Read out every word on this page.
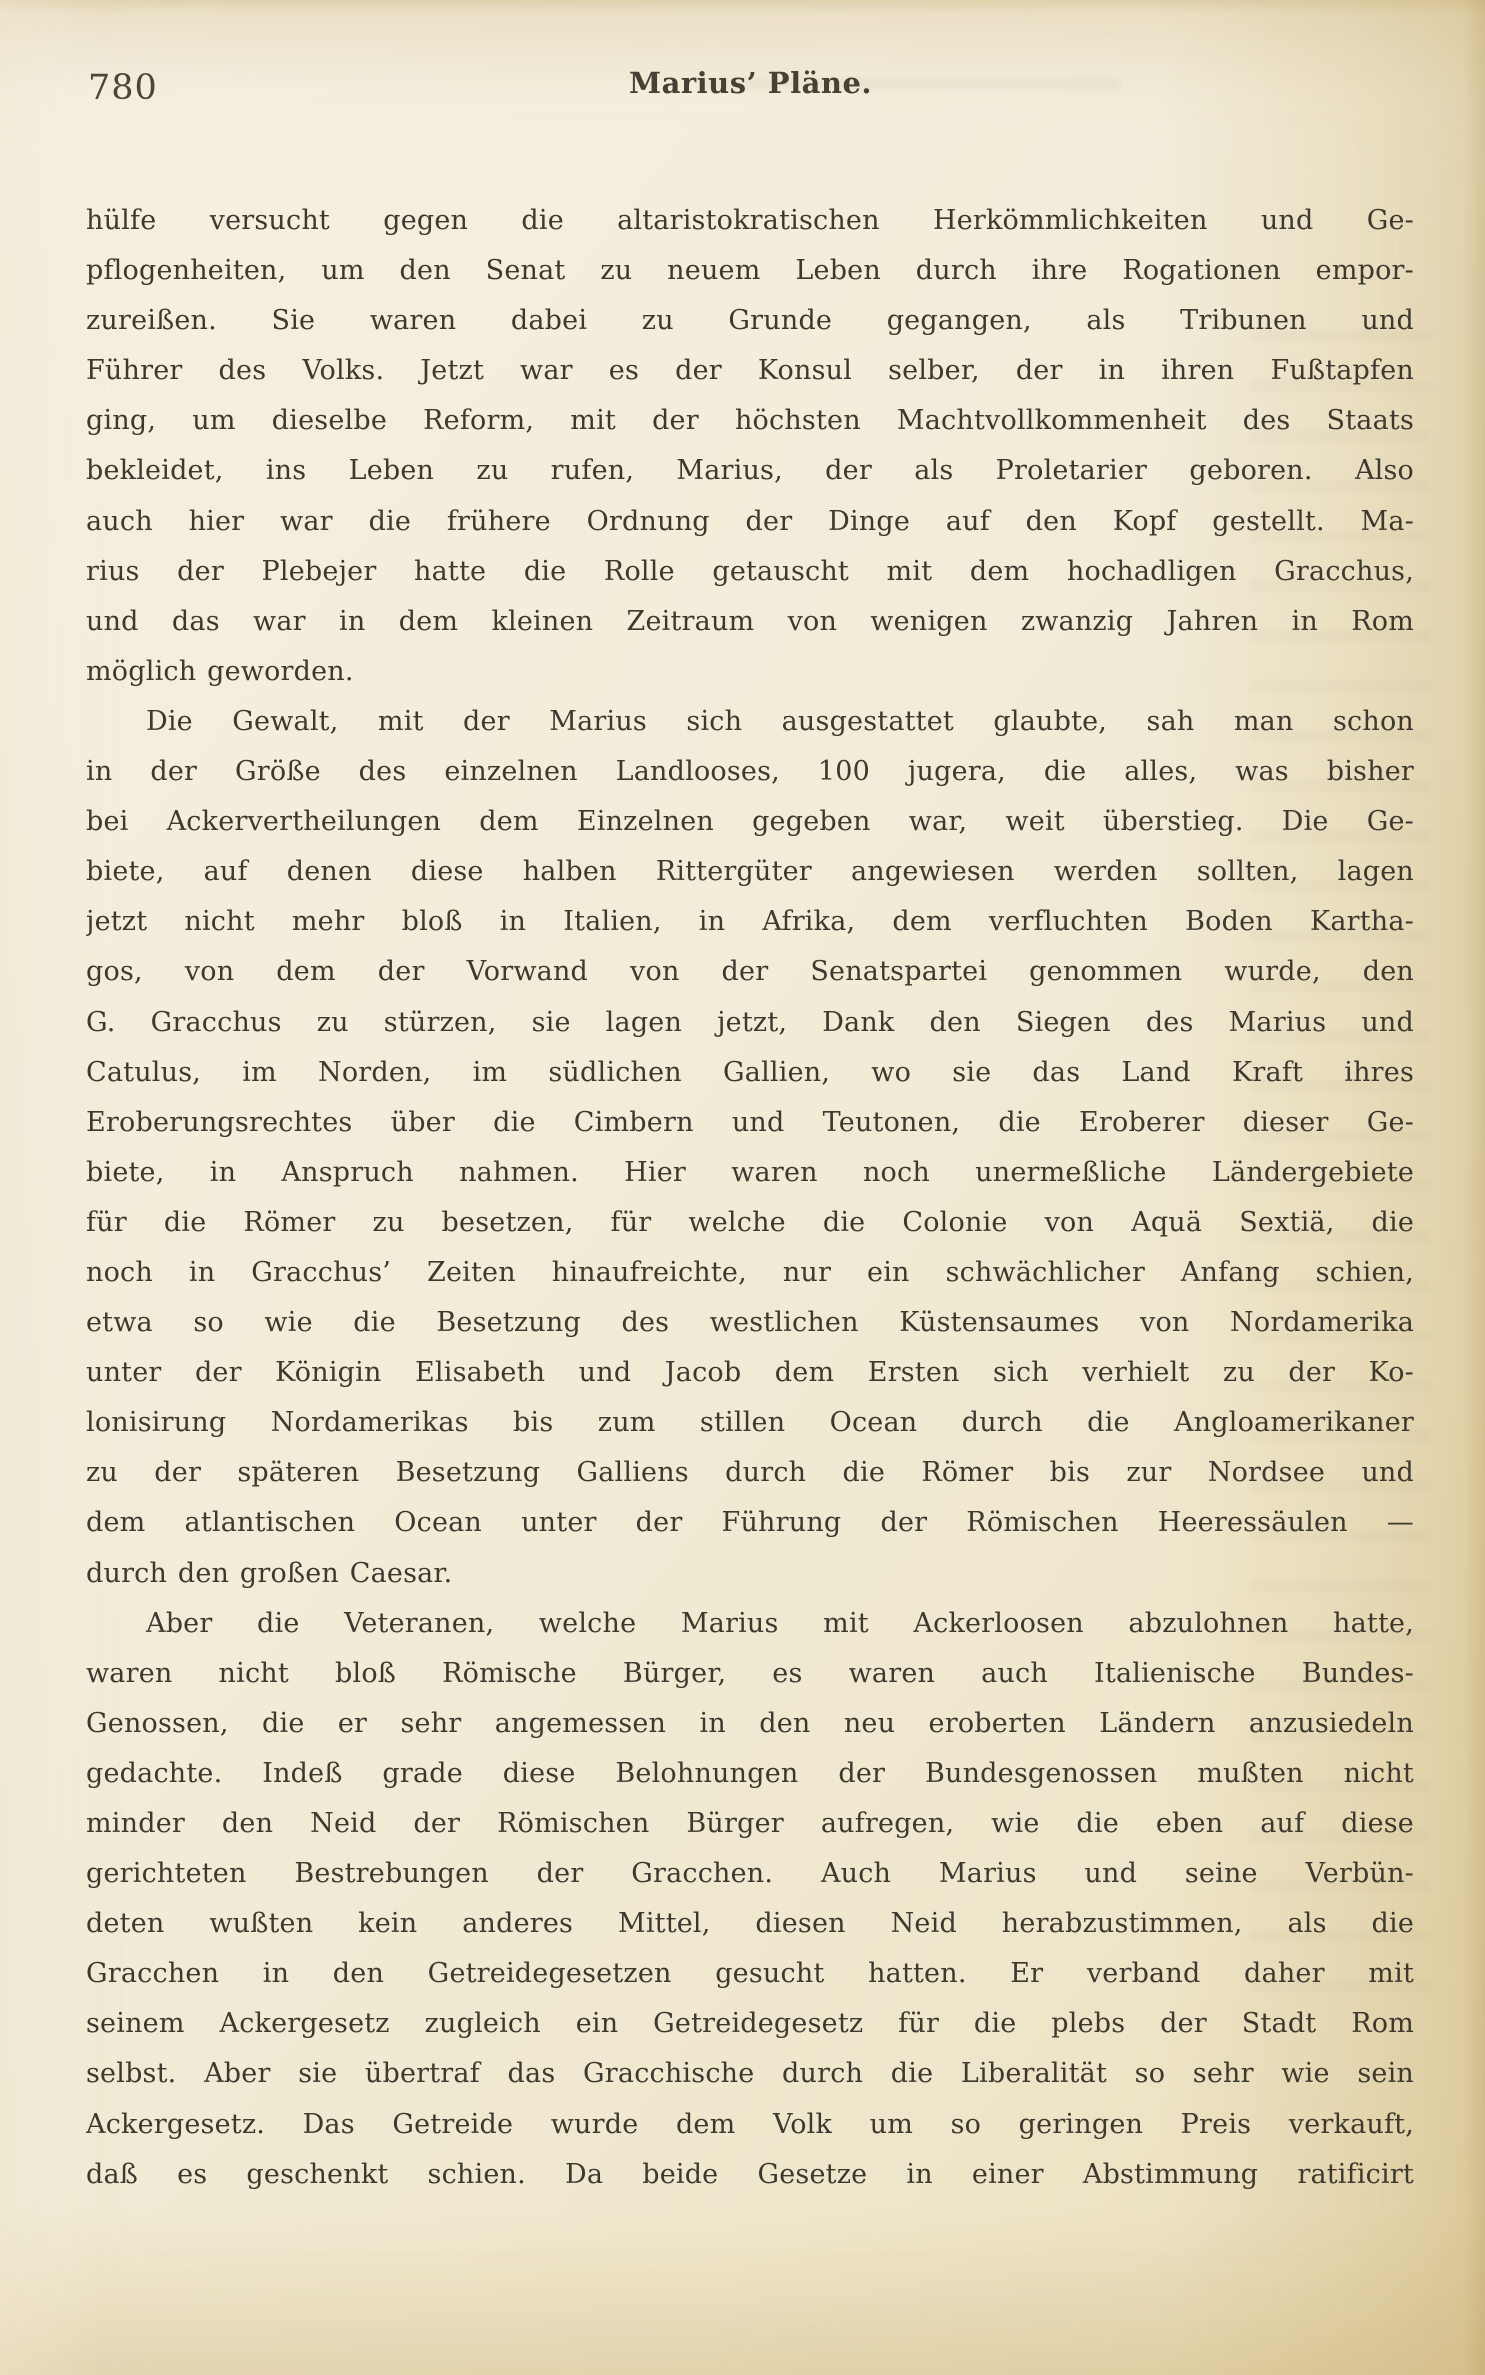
780	Marius’ Pläne.
hülfe versucht gegen die altaristokratischen Herkömmlichkeiten und Ge-
pflogenheiten, um den Senat zu neuem Leben durch ihre Rogationen empor-
zureißen. Sie waren dabei zu Grunde gegangen, als Tribunen und
Führer des Volks. Jetzt war es der Konsul selber, der in ihren Fußtapfen
ging, um dieselbe Reform, mit der höchsten Machtvollkommenheit des Staats
bekleidet, ins Leben zu rufen, Marius, der als Proletarier geboren. Also
auch hier war die frühere Ordnung der Dinge auf den Kopf gestellt. Ma-
rius der Plebejer hatte die Rolle getauscht mit dem hochadligen Gracchus,
und das war in dem kleinen Zeitraum von wenigen zwanzig Jahren in Rom
möglich geworden.
Die Gewalt, mit der Marius sich ausgestattet glaubte, sah man schon
in der Größe des einzelnen Landlooses, 100 jugera, die alles, was bisher
bei Ackervertheilungen dem Einzelnen gegeben war, weit überstieg. Die Ge-
biete, auf denen diese halben Rittergüter angewiesen werden sollten, lagen
jetzt nicht mehr bloß in Italien, in Afrika, dem verfluchten Boden Kartha-
gos, von dem der Vorwand von der Senatspartei genommen wurde, den
G. Gracchus zu stürzen, sie lagen jetzt, Dank den Siegen des Marius und
Catulus, im Norden, im südlichen Gallien, wo sie das Land Kraft ihres
Eroberungsrechtes über die Cimbern und Teutonen, die Eroberer dieser Ge-
biete, in Anspruch nahmen. Hier waren noch unermeßliche Ländergebiete
für die Römer zu besetzen, für welche die Colonie von Aquä Sextiä, die
noch in Gracchus’ Zeiten hinaufreichte, nur ein schwächlicher Anfang schien,
etwa so wie die Besetzung des westlichen Küstensaumes von Nordamerika
unter der Königin Elisabeth und Jacob dem Ersten sich verhielt zu der Ko-
lonisirung Nordamerikas bis zum stillen Ocean durch die Angloamerikaner
zu der späteren Besetzung Galliens durch die Römer bis zur Nordsee und
dem atlantischen Ocean unter der Führung der Römischen Heeressäulen —
durch den großen Caesar.
Aber die Veteranen, welche Marius mit Ackerloosen abzulohnen hatte,
waren nicht bloß Römische Bürger, es waren auch Italienische Bundes-
Genossen, die er sehr angemessen in den neu eroberten Ländern anzusiedeln
gedachte. Indeß grade diese Belohnungen der Bundesgenossen mußten nicht
minder den Neid der Römischen Bürger aufregen, wie die eben auf diese
gerichteten Bestrebungen der Gracchen. Auch Marius und seine Verbün-
deten wußten kein anderes Mittel, diesen Neid herabzustimmen, als die
Gracchen in den Getreidegesetzen gesucht hatten. Er verband daher mit
seinem Ackergesetz zugleich ein Getreidegesetz für die plebs der Stadt Rom
selbst. Aber sie übertraf das Gracchische durch die Liberalität so sehr wie sein
Ackergesetz. Das Getreide wurde dem Volk um so geringen Preis verkauft,
daß es geschenkt schien. Da beide Gesetze in einer Abstimmung ratificirt
